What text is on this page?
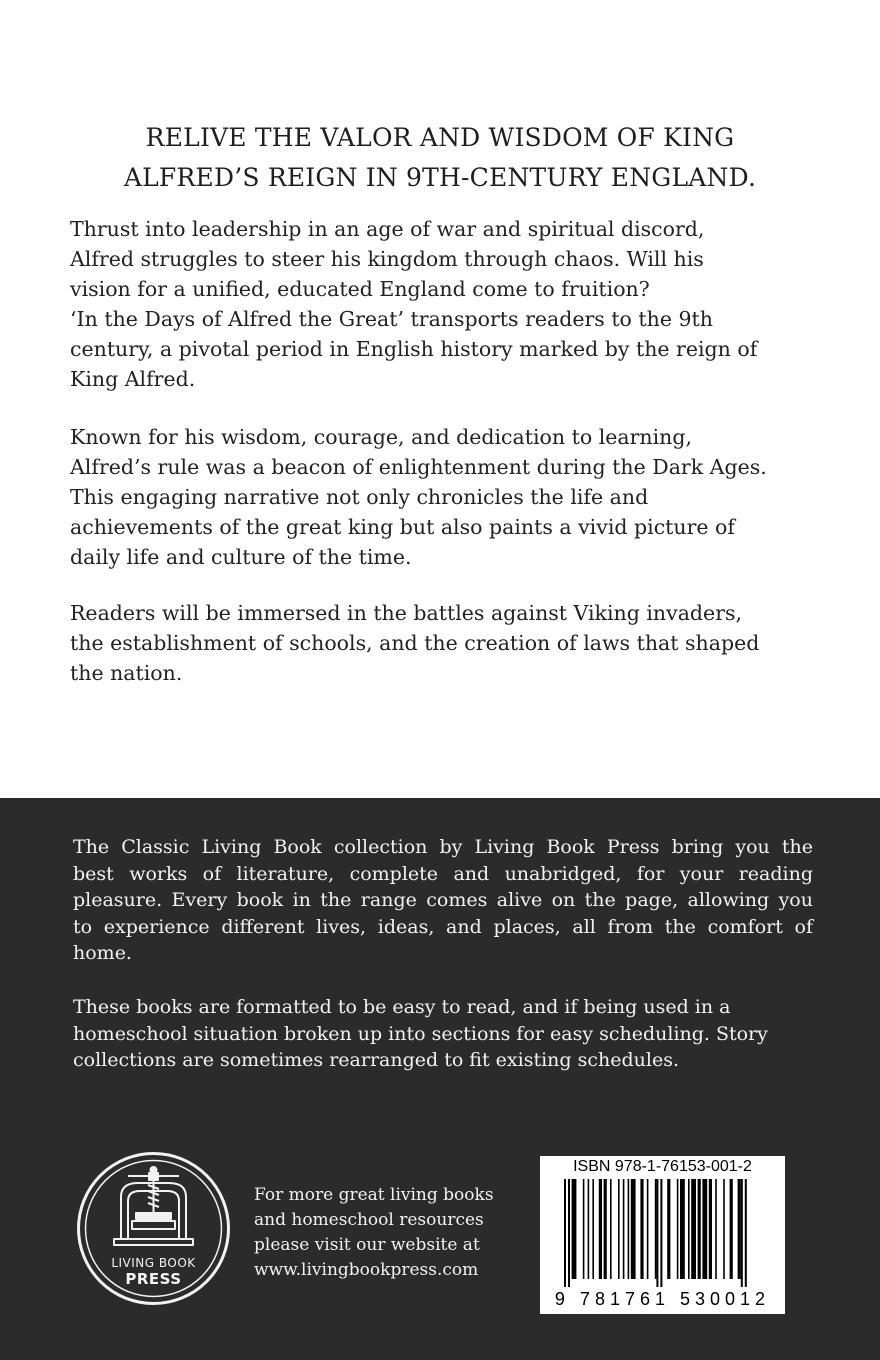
RELIVE THE VALOR AND WISDOM OF KING
ALFRED’S REIGN IN 9TH-CENTURY ENGLAND.

Thrust into leadership in an age of war and spiritual discord,
Alfred struggles to steer his kingdom through chaos. Will his
vision for a unified, educated England come to fruition?
‘In the Days of Alfred the Great’ transports readers to the 9th
century, a pivotal period in English history marked by the reign of
King Alfred.

Known for his wisdom, courage, and dedication to learning,
Alfred’s rule was a beacon of enlightenment during the Dark Ages.
This engaging narrative not only chronicles the life and
achievements of the great king but also paints a vivid picture of
daily life and culture of the time.

Readers will be immersed in the battles against Viking invaders,
the establishment of schools, and the creation of laws that shaped
the nation.

The Classic Living Book collection by Living Book Press bring you the
best works of literature, complete and unabridged, for your reading
pleasure. Every book in the range comes alive on the page, allowing you
to experience different lives, ideas, and places, all from the comfort of
home.

These books are formatted to be easy to read, and if being used in a
homeschool situation broken up into sections for easy scheduling. Story
collections are sometimes rearranged to fit existing schedules.

LIVING BOOK
PRESS
For more great living books
and homeschool resources
please visit our website at
www.livingbookpress.com
ISBN 978-1-76153-001-2
9 781761 530012
